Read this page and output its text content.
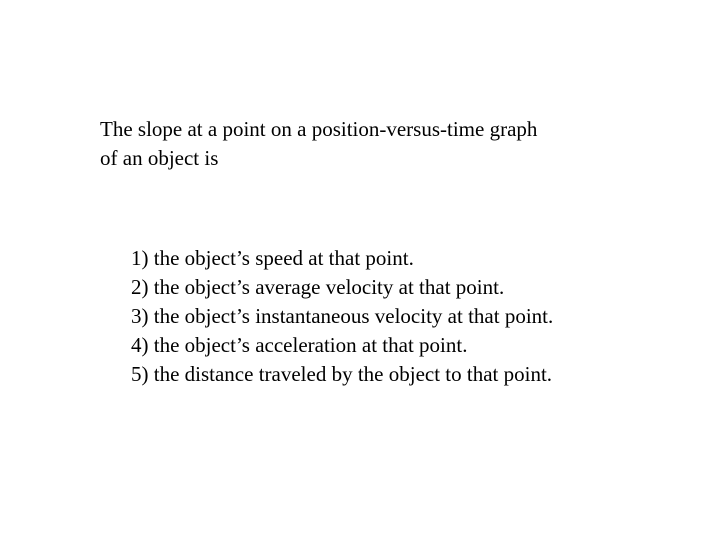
The slope at a point on a position-versus-time graph
of an object is

1) the object’s speed at that point.
2) the object’s average velocity at that point.
3) the object’s instantaneous velocity at that point.
4) the object’s acceleration at that point.
5) the distance traveled by the object to that point.
